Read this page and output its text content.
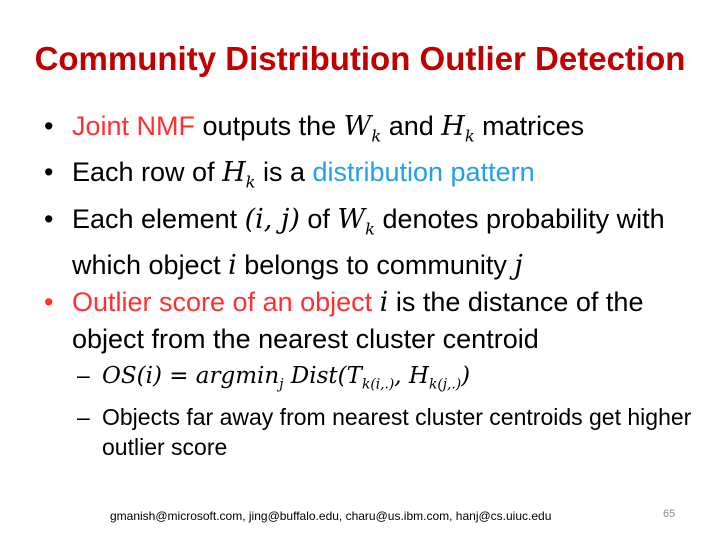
Community Distribution Outlier Detection
• Joint NMF outputs the $W_k$ and $H_k$ matrices
• Each row of $H_k$ is a distribution pattern
• Each element (i, j) of $W_k$ denotes probability with which object i belongs to community j
• Outlier score of an object i is the distance of the object from the nearest cluster centroid
– OS(i) = argmin$_j$ $Dist(T_{k(i,.)}$, $H_{k(j,.)}$)
– Objects far away from nearest cluster centroids get higher outlier score
gmanish@microsoft.com, jing@buffalo.edu, charu@us.ibm.com, hanj@cs.uiuc.edu	65
